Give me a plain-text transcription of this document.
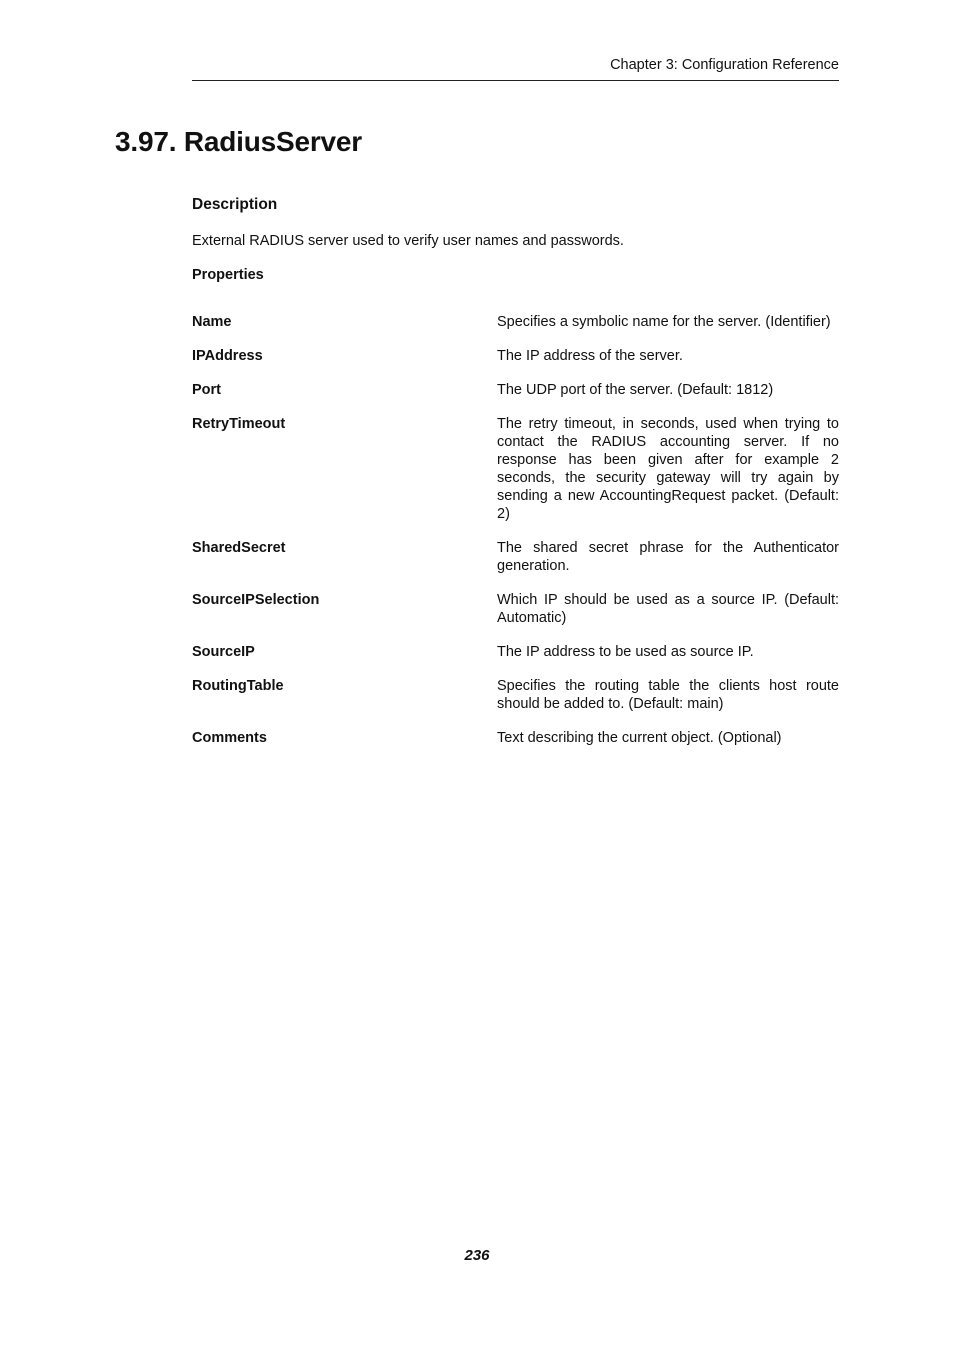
Chapter 3: Configuration Reference
3.97. RadiusServer
Description

External RADIUS server used to verify user names and passwords.

Properties
Name	Specifies a symbolic name for the server. (Identifier)
IPAddress	The IP address of the server.
Port	The UDP port of the server. (Default: 1812)
RetryTimeout	The retry timeout, in seconds, used when trying to contact the RADIUS accounting server. If no response has been given after for example 2 seconds, the security gateway will try again by sending a new AccountingRequest packet. (Default: 2)
SharedSecret	The shared secret phrase for the Authenticator generation.
SourceIPSelection	Which IP should be used as a source IP. (Default: Automatic)
SourceIP	The IP address to be used as source IP.
RoutingTable	Specifies the routing table the clients host route should be added to. (Default: main)
Comments	Text describing the current object. (Optional)
236
